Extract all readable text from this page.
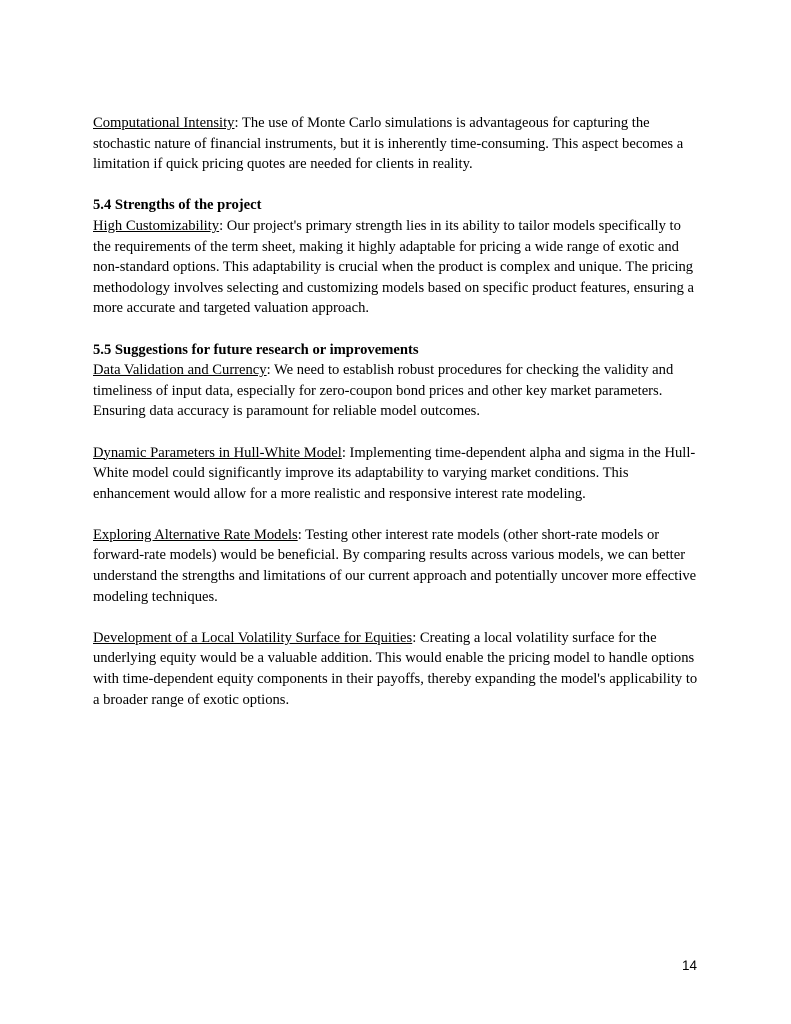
Computational Intensity: The use of Monte Carlo simulations is advantageous for capturing the stochastic nature of financial instruments, but it is inherently time-consuming. This aspect becomes a limitation if quick pricing quotes are needed for clients in reality.

5.4 Strengths of the project

High Customizability: Our project's primary strength lies in its ability to tailor models specifically to the requirements of the term sheet, making it highly adaptable for pricing a wide range of exotic and non-standard options. This adaptability is crucial when the product is complex and unique. The pricing methodology involves selecting and customizing models based on specific product features, ensuring a more accurate and targeted valuation approach.

5.5 Suggestions for future research or improvements

Data Validation and Currency: We need to establish robust procedures for checking the validity and timeliness of input data, especially for zero-coupon bond prices and other key market parameters. Ensuring data accuracy is paramount for reliable model outcomes.

Dynamic Parameters in Hull-White Model: Implementing time-dependent alpha and sigma in the Hull-White model could significantly improve its adaptability to varying market conditions. This enhancement would allow for a more realistic and responsive interest rate modeling.

Exploring Alternative Rate Models: Testing other interest rate models (other short-rate models or forward-rate models) would be beneficial. By comparing results across various models, we can better understand the strengths and limitations of our current approach and potentially uncover more effective modeling techniques.

Development of a Local Volatility Surface for Equities: Creating a local volatility surface for the underlying equity would be a valuable addition. This would enable the pricing model to handle options with time-dependent equity components in their payoffs, thereby expanding the model's applicability to a broader range of exotic options.

14
